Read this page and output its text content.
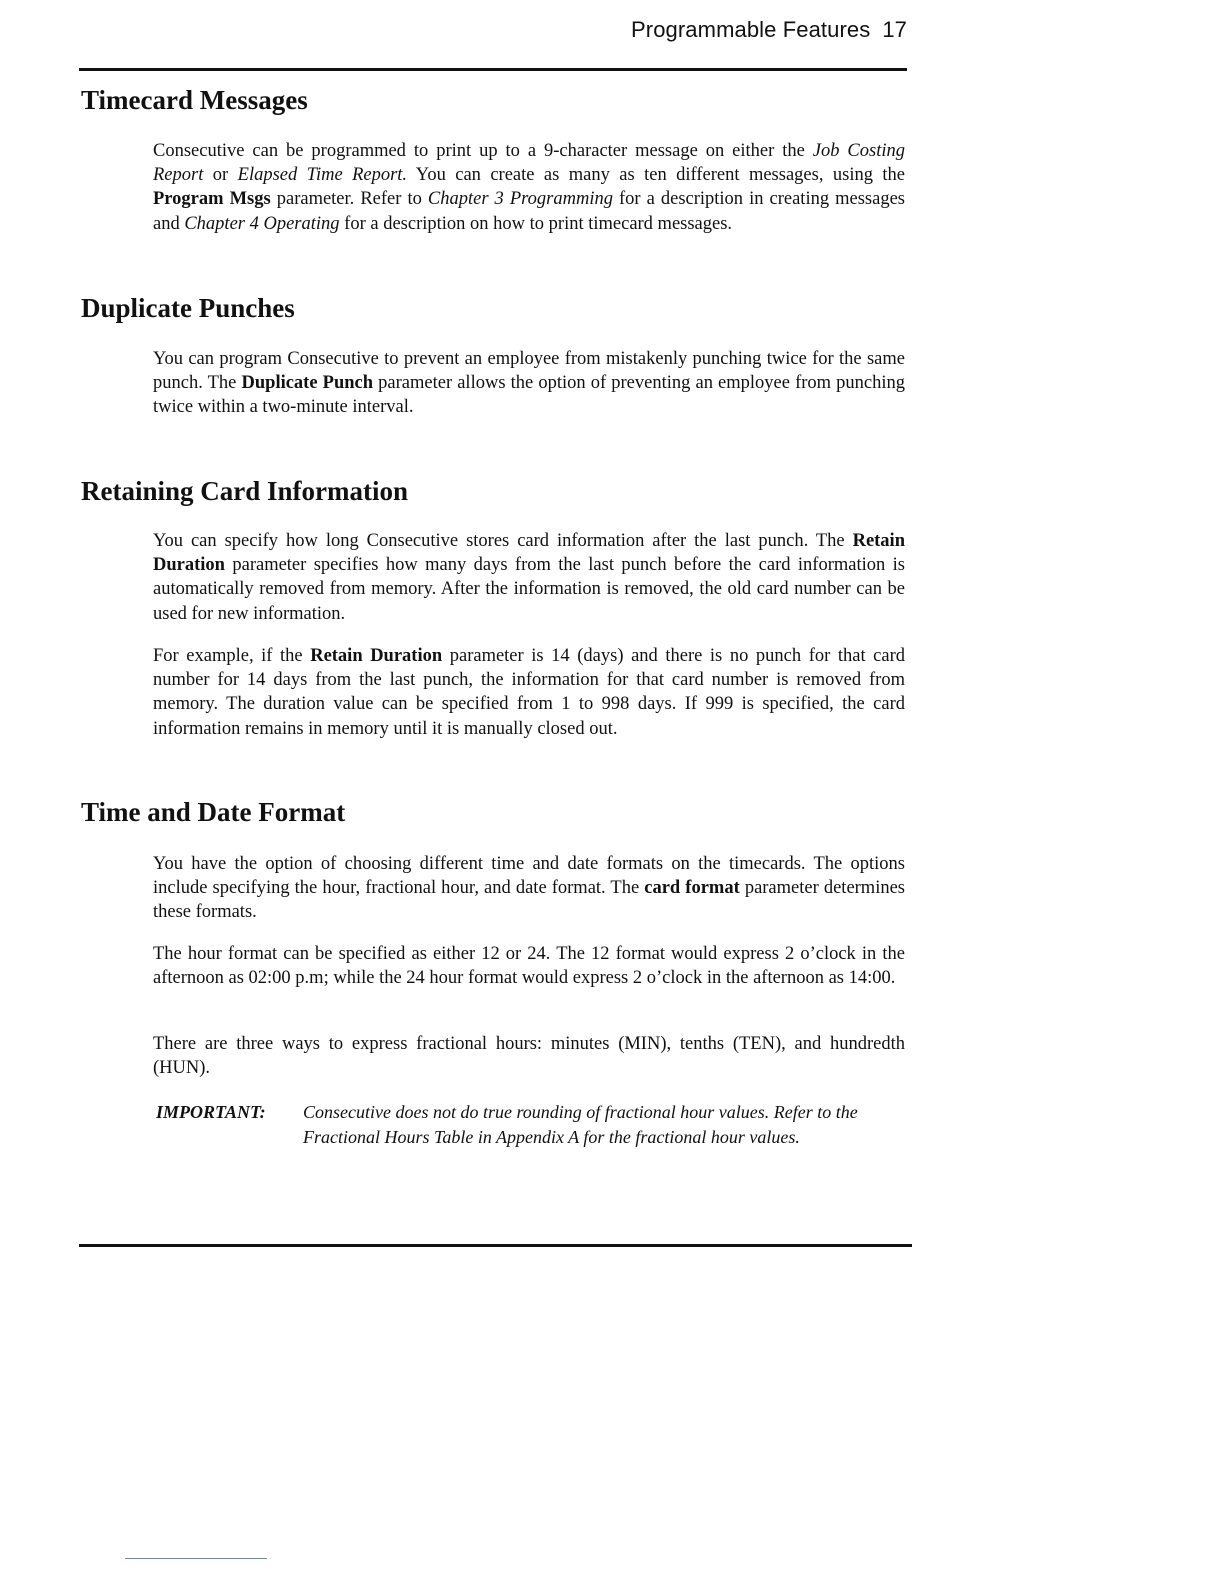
Programmable Features 17
Timecard Messages

Consecutive can be programmed to print up to a 9-character message on either the Job Costing Report or Elapsed Time Report. You can create as many as ten different messages, using the Program Msgs parameter. Refer to Chapter 3 Programming for a description in creating messages and Chapter 4 Operating for a description on how to print timecard messages.

Duplicate Punches

You can program Consecutive to prevent an employee from mistakenly punching twice for the same punch. The Duplicate Punch parameter allows the option of preventing an employee from punching twice within a two-minute interval.

Retaining Card Information

You can specify how long Consecutive stores card information after the last punch. The Retain Duration parameter specifies how many days from the last punch before the card information is automatically removed from memory. After the information is removed, the old card number can be used for new information.

For example, if the Retain Duration parameter is 14 (days) and there is no punch for that card number for 14 days from the last punch, the information for that card number is removed from memory. The duration value can be specified from 1 to 998 days. If 999 is specified, the card information remains in memory until it is manually closed out.

Time and Date Format

You have the option of choosing different time and date formats on the timecards. The options include specifying the hour, fractional hour, and date format. The card format parameter determines these formats.

The hour format can be specified as either 12 or 24. The 12 format would express 2 o’clock in the afternoon as 02:00 p.m; while the 24 hour format would express 2 o’clock in the afternoon as 14:00.

There are three ways to express fractional hours: minutes (MIN), tenths (TEN), and hundredth (HUN).

IMPORTANT: Consecutive does not do true rounding of fractional hour values. Refer to the Fractional Hours Table in Appendix A for the fractional hour values.
